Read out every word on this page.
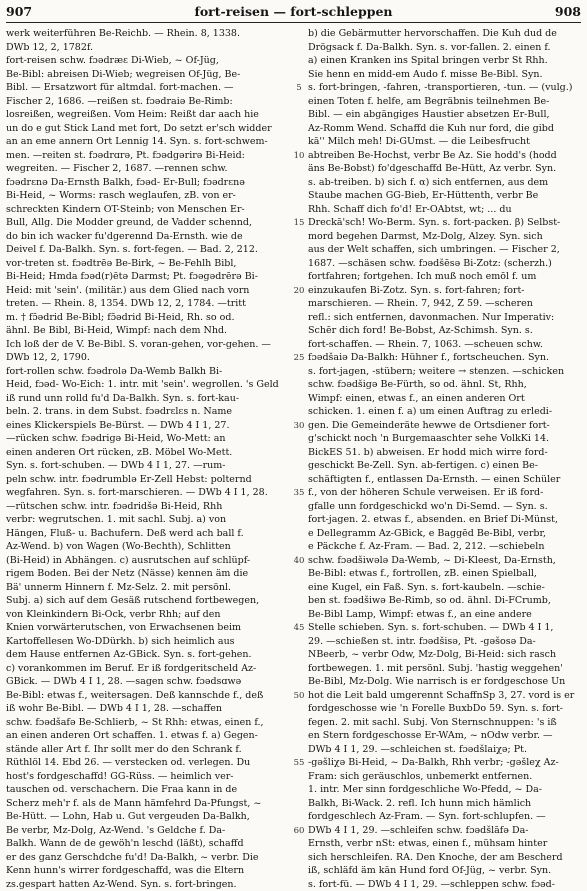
907	fort-reisen — fort-schleppen	908
werk weiterführen Be-Reichb. — Rhein. 8, 1338.
DWb 12, 2, 1782f.
fort-reisen schw. fɔədræɛ Di-Wieb, ~ Of-Jüg,
Be-Bibl: abreisen Di-Wieb; wegreisen Of-Jüg, Be-
Bibl. — Ersatzwort für altmdal. fort-machen. —
Fischer 2, 1686. —reißen st. fɔədraiə Be-Rimb:
losreißen, wegreißen. Vom Heim: Reißt dar aach hie
un do e gut Stick Land met fort, Do setzt er'sch widder
an an eme annern Ort Lennig 14. Syn. s. fort-schwem-
men. —reiten st. fɔədrɑrə, Pt. fɔədgərirə Bi-Heid:
wegreiten. — Fischer 2, 1687. —rennen schw.
fɔədrɛnə Da-Ernsth Balkh, fɔəd- Er-Bull; fɔədrɛnə
Bi-Heid, ~ Worms: rasch weglaufen, zB. von er-
schreckten Kindern OT-Steinb; von Menschen Er-
Bull, Allg. Die Modder greund, de Vadder schennd,
do bin ich wacker fu'dgerennd Da-Ernsth. wie de
Deivel f. Da-Balkh. Syn. s. fort-fegen. — Bad. 2, 212.
vor-treten st. fɔədtrēə Be-Birk, ~ Be-Fehlh Bibl,
Bi-Heid; Hmda fɔəd(r)ētə Darmst; Pt. fɔəgədrērə Bi-
Heid: mit 'sein'. (militär.) aus dem Glied nach vorn
treten. — Rhein. 8, 1354. DWb 12, 2, 1784. —tritt
m. † fɔ̄ədrid Be-Bibl; fɔ̄ədrid Bi-Heid, Rh. so od.
ähnl. Be Bibl, Bi-Heid, Wimpf: nach dem Nhd.
Ich loß der de V. Be-Bibl. S. voran-gehen, vor-gehen. —
DWb 12, 2, 1790.
fort-rollen schw. fɔədrolə Da-Wemb Balkh Bi-
Heid, fɔəd- Wo-Eich: 1. intr. mit 'sein'. wegrollen. 's Geld
iß rund unn rolld fu'd Da-Balkh. Syn. s. fort-kau-
beln. 2. trans. in dem Subst. fɔədrɛlɛs n. Name
eines Klickerspiels Be-Bürst. — DWb 4 I 1, 27.
—rücken schw. fɔədrigə Bi-Heid, Wo-Mett: an
einen anderen Ort rücken, zB. Möbel Wo-Mett.
Syn. s. fort-schuben. — DWb 4 I 1, 27. —rum-
peln schw. intr. fɔədrumblə Er-Zell Hebst: polternd
wegfahren. Syn. s. fort-marschieren. — DWb 4 I 1, 28.
—rütschen schw. intr. fɔədridšə Bi-Heid, Rhh
verbr: wegrutschen. 1. mit sachl. Subj. a) von
Hängen, Fluß- u. Bachufern. Deß werd ach ball f.
Az-Wend. b) von Wagen (Wo-Bechth), Schlitten
(Bi-Heid) in Abhängen. c) ausrutschen auf schlüpf-
rigem Boden. Bei der Netz (Nässe) kennen äm die
Bä' unnerm Hinnern f. Mz-Selz. 2. mit persönl.
Subj. a) sich auf dem Gesäß rutschend fortbewegen,
von Kleinkindern Bi-Ock, verbr Rhh; auf den
Knien vorwärterutschen, von Erwachsenen beim
Kartoffellesen Wo-DDürkh. b) sich heimlich aus
dem Hause entfernen Az-GBick. Syn. s. fort-gehen.
c) vorankommen im Beruf. Er iß fordgeritscheld Az-
GBick. — DWb 4 I 1, 28. —sagen schw. fɔədsɑwə
Be-Bibl: etwas f., weitersagen. Deß kannschde f., deß
iß wohr Be-Bibl. — DWb 4 I 1, 28. —schaffen
schw. fɔədšafə Be-Schlierb, ~ St Rhh: etwas, einen f.,
an einen anderen Ort schaffen. 1. etwas f. a) Gegen-
stände aller Art f. Ihr sollt mer do den Schrank f.
Rüthlöl 14. Ebd 26. — verstecken od. verlegen. Du
host's fordgeschaffd! GG-Rüss. — heimlich ver-
tauschen od. verschachern. Die Fraa kann in de
Scherz meh'r f. als de Mann hämfehrd Da-Pfungst, ~
Be-Hütt. — Lohn, Hab u. Gut vergeuden Da-Balkh,
Be verbr, Mz-Dolg, Az-Wend. 's Geldche f. Da-
Balkh. Wann de de gewöh'n leschd (läßt), schaffd
er des ganz Gerschdche fu'd! Da-Balkh, ~ verbr. Die
Kenn hunn's wirrer fordgeschaffd, was die Eltern
zs.gespart hatten Az-Wend. Syn. s. fort-bringen.
5
10
15
20
25
30
35
40
45
50
55
60
b) die Gebärmutter hervorschaffen. Die Kuh dud de
Drögsack f. Da-Balkh. Syn. s. vor-fallen. 2. einen f.
a) einen Kranken ins Spital bringen verbr St Rhh.
Sie henn en midd-em Audo f. misse Be-Bibl. Syn.
s. fort-bringen, -fahren, -transportieren, -tun. — (vulg.)
einen Toten f. helfe, am Begräbnis teilnehmen Be-
Bibl. — ein abgängiges Haustier absetzen Er-Bull,
Az-Romm Wend. Schaffd die Kuh nur ford, die gibd
kā'' Milch meh! Di-GUmst. — die Leibesfrucht
abtreiben Be-Hochst, verbr Be Az. Sie hodd's (hodd
äns Be-Bobst) fo'dgeschaffd Be-Hütt, Az verbr. Syn.
s. ab-treiben. b) sich f. α) sich entfernen, aus dem
Staube machen GG-Bieb, Er-Hüttenth, verbr Be
Rhh. Schaff dich fo'd! Er-OAbtst, wt; ... du
Dreckā'sch! Wo-Berm. Syn. s. fort-packen. β) Selbst-
mord begehen Darmst, Mz-Dolg, Alzey. Syn. sich
aus der Welt schaffen, sich umbringen. — Fischer 2,
1687. —schäsen schw. fɔədšēsə Bi-Zotz: (scherzh.)
fortfahren; fortgehen. Ich muß noch emōl f. um
einzukaufen Bi-Zotz. Syn. s. fort-fahren; fort-
marschieren. — Rhein. 7, 942, Z 59. —scheren
refl.: sich entfernen, davonmachen. Nur Imperativ:
Schēr dich ford! Be-Bobst, Az-Schimsh. Syn. s.
fort-schaffen. — Rhein. 7, 1063. —scheuen schw.
fɔədšaiə Da-Balkh: Hühner f., fortscheuchen. Syn.
s. fort-jagen, -stübern; weitere → stenzen. —schicken
schw. fɔədšigə Be-Fürth, so od. ähnl. St, Rhh,
Wimpf: einen, etwas f., an einen anderen Ort
schicken. 1. einen f. a) um einen Auftrag zu erledi-
gen. Die Gemeinderäte hewwe de Ortsdiener fort-
g'schickt noch 'n Burgemaaschter sehe VolkKi 14.
BickES 51. b) abweisen. Er hodd mich wirre ford-
geschickt Be-Zell. Syn. ab-fertigen. c) einen Be-
schäftigten f., entlassen Da-Ernsth. — einen Schüler
f., von der höheren Schule verweisen. Er iß ford-
gfalle unn fordgeschickd wo'n Di-Semd. — Syn. s.
fort-jagen. 2. etwas f., absenden. en Brief Di-Münst,
e Dellegramm Az-GBick, e Baggēd Be-Bibl, verbr,
e Päckche f. Az-Fram. — Bad. 2, 212. —schiebeln
schw. fɔədšiwələ Da-Wemb, ~ Di-Kleest, Da-Ernsth,
Be-Bibl: etwas f., fortrollen, zB. einen Spielball,
eine Kugel, ein Faß. Syn. s. fort-kaubeln. —schie-
ben st. fɔədšiwə Be-Rimb, so od. ähnl. Di-FCrumb,
Be-Bibl Lamp, Wimpf: etwas f., an eine andere
Stelle schieben. Syn. s. fort-schuben. — DWb 4 I 1,
29. —schießen st. intr. fɔədšisə, Pt. -gəšosə Da-
NBeerb, ~ verbr Odw, Mz-Dolg, Bi-Heid: sich rasch
fortbewegen. 1. mit persönl. Subj. 'hastig weggehen'
Be-Bibl, Mz-Dolg. Wie narrisch is er fordgeschose Un
hot die Leit bald umgerennt SchaffnSp 3, 27. vord is er
fordgeschosse wie 'n Forelle BuxbDo 59. Syn. s. fort-
fegen. 2. mit sachl. Subj. Von Sternschnuppen: 's iß
en Stern fordgeschosse Er-WAm, ~ nOdw verbr. —
DWb 4 I 1, 29. —schleichen st. fɔədšlaiχə; Pt.
-gəšliχə Bi-Heid, ~ Da-Balkh, Rhh verbr; -gəšleχ Az-
Fram: sich geräuschlos, unbemerkt entfernen.
1. intr. Mer sinn fordgeschliche Wo-Pfedd, ~ Da-
Balkh, Bi-Wack. 2. refl. Ich hunn mich hämlich
fordgeschlech Az-Fram. — Syn. fort-schlupfen. —
DWb 4 I 1, 29. —schleifen schw. fɔədšlāfə Da-
Ernsth, verbr nSt: etwas, einen f., mühsam hinter
sich herschleifen. RA. Den Knoche, der am Bescherd
iß, schläfd äm kān Hund ford Of-Jüg, ~ verbr. Syn.
s. fort-fü. — DWb 4 I 1, 29. —schleppen schw. fɔəd-
